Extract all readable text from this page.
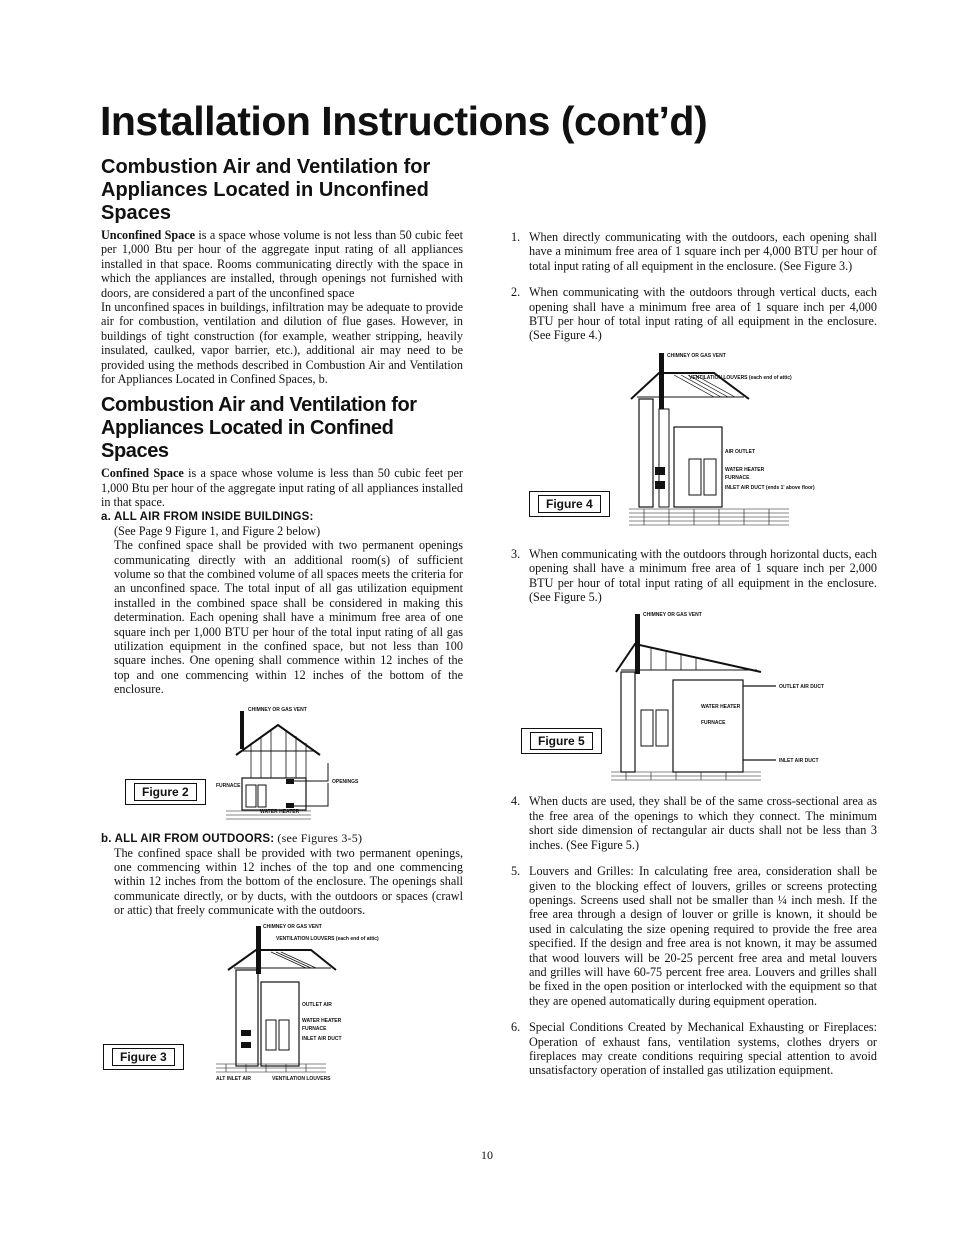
Installation Instructions (cont’d)
Combustion Air and Ventilation for Appliances Located in Unconfined Spaces

Unconfined Space is a space whose volume is not less than 50 cubic feet per 1,000 Btu per hour of the aggregate input rating of all appliances installed in that space. Rooms communicating directly with the space in which the appliances are installed, through openings not furnished with doors, are considered a part of the unconfined space

In unconfined spaces in buildings, infiltration may be adequate to provide air for combustion, ventilation and dilution of flue gases. However, in buildings of tight construction (for example, weather stripping, heavily insulated, caulked, vapor barrier, etc.), additional air may need to be provided using the methods described in Combustion Air and Ventilation for Appliances Located in Confined Spaces, b.

Combustion Air and Ventilation for Appliances Located in Confined Spaces

Confined Space is a space whose volume is less than 50 cubic feet per 1,000 Btu per hour of the aggregate input rating of all appliances installed in that space.

a. ALL AIR FROM INSIDE BUILDINGS:

(See Page 9 Figure 1, and Figure 2 below)

The confined space shall be provided with two permanent openings communicating directly with an additional room(s) of sufficient volume so that the combined volume of all spaces meets the criteria for an unconfined space. The total input of all gas utilization equipment installed in the combined space shall be considered in making this determination. Each opening shall have a minimum free area of one square inch per 1,000 BTU per hour of the total input rating of all gas utilization equipment in the confined space, but not less than 100 square inches. One opening shall commence within 12 inches of the top and one commencing within 12 inches of the bottom of the enclosure.

Figure 2
CHIMNEY OR GAS VENT
FURNACE
WATER HEATER
OPENINGS
b. ALL AIR FROM OUTDOORS: (see Figures 3-5)

The confined space shall be provided with two permanent openings, one commencing within 12 inches of the top and one commencing within 12 inches from the bottom of the enclosure. The openings shall communicate directly, or by ducts, with the outdoors or spaces (crawl or attic) that freely communicate with the outdoors.

Figure 3
CHIMNEY OR GAS VENT
VENTILATION LOUVERS (each end of attic)
OUTLET AIR
WATER HEATER
FURNACE
INLET AIR DUCT
ALT INLET AIR	VENTILATION LOUVERS
1. When directly communicating with the outdoors, each opening shall have a minimum free area of 1 square inch per 4,000 BTU per hour of total input rating of all equipment in the enclosure. (See Figure 3.)

2. When communicating with the outdoors through vertical ducts, each opening shall have a minimum free area of 1 square inch per 4,000 BTU per hour of total input rating of all equipment in the enclosure. (See Figure 4.)

Figure 4
CHIMNEY OR GAS VENT
VENTILATION LOUVERS (each end of attic)
AIR OUTLET
WATER HEATER
FURNACE
INLET AIR DUCT (ends 1' above floor)
3. When communicating with the outdoors through horizontal ducts, each opening shall have a minimum free area of 1 square inch per 2,000 BTU per hour of total input rating of all equipment in the enclosure. (See Figure 5.)

Figure 5
CHIMNEY OR GAS VENT
OUTLET AIR DUCT
WATER HEATER
FURNACE
INLET AIR DUCT
4. When ducts are used, they shall be of the same cross-sectional area as the free area of the openings to which they connect. The minimum short side dimension of rectangular air ducts shall not be less than 3 inches. (See Figure 5.)

5. Louvers and Grilles: In calculating free area, consideration shall be given to the blocking effect of louvers, grilles or screens protecting openings. Screens used shall not be smaller than ¼ inch mesh. If the free area through a design of louver or grille is known, it should be used in calculating the size opening required to provide the free area specified. If the design and free area is not known, it may be assumed that wood louvers will be 20-25 percent free area and metal louvers and grilles will have 60-75 percent free area. Louvers and grilles shall be fixed in the open position or interlocked with the equipment so that they are opened automatically during equipment operation.

6. Special Conditions Created by Mechanical Exhausting or Fireplaces: Operation of exhaust fans, ventilation systems, clothes dryers or fireplaces may create conditions requiring special attention to avoid unsatisfactory operation of installed gas utilization equipment.

10
